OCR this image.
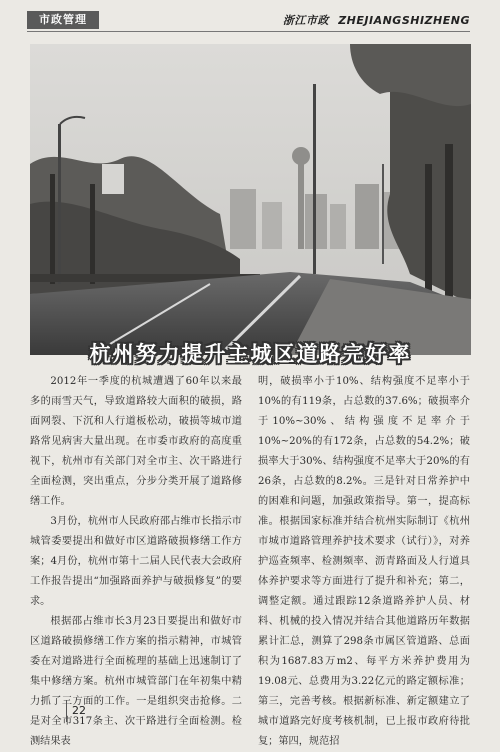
市政管理	浙江市政 ZHEJIANGSHIZHENG
杭州努力提升主城区道路完好率

2012年一季度的杭城遭遇了60年以来最多的雨雪天气，导致道路较大面积的破损，路面网裂、下沉和人行道板松动，破损等城市道路常见病害大量出现。在市委市政府的高度重视下，杭州市有关部门对全市主、次干路进行全面检测，突出重点，分步分类开展了道路修缮工作。

3月份，杭州市人民政府邵占维市长指示市城管委要提出和做好市区道路破损修缮工作方案；4月份，杭州市第十二届人民代表大会政府工作报告提出“加强路面养护与破损修复”的要求。

根据邵占维市长3月23日要提出和做好市区道路破损修缮工作方案的指示精神，市城管委在对道路进行全面梳理的基础上迅速制订了集中修缮方案。杭州市城管部门在年初集中精力抓了三方面的工作。一是组织突击抢修。二是对全市317条主、次干路进行全面检测。检测结果表

明，破损率小于10%、结构强度不足率小于10%的有119条，占总数的37.6%；破损率介于10%~30%、结构强度不足率介于10%~20%的有172条，占总数的54.2%；破损率大于30%、结构强度不足率大于20%的有26条，占总数的8.2%。三是针对日常养护中的困难和问题，加强政策指导。第一，提高标准。根据国家标准并结合杭州实际制订《杭州市城市道路管理养护技术要求（试行）》，对养护巡查频率、检测频率、沥青路面及人行道具体养护要求等方面进行了提升和补充；第二，调整定额。通过跟踪12条道路养护人员、材料、机械的投入情况并结合其他道路历年数据累计汇总，测算了298条市属区管道路、总面积为1687.83万m2、每平方米养护费用为19.08元、总费用为3.22亿元的路定额标准；第三，完善考核。根据新标准、新定额建立了城市道路完好度考核机制，已上报市政府待批复；第四，规范招

22
